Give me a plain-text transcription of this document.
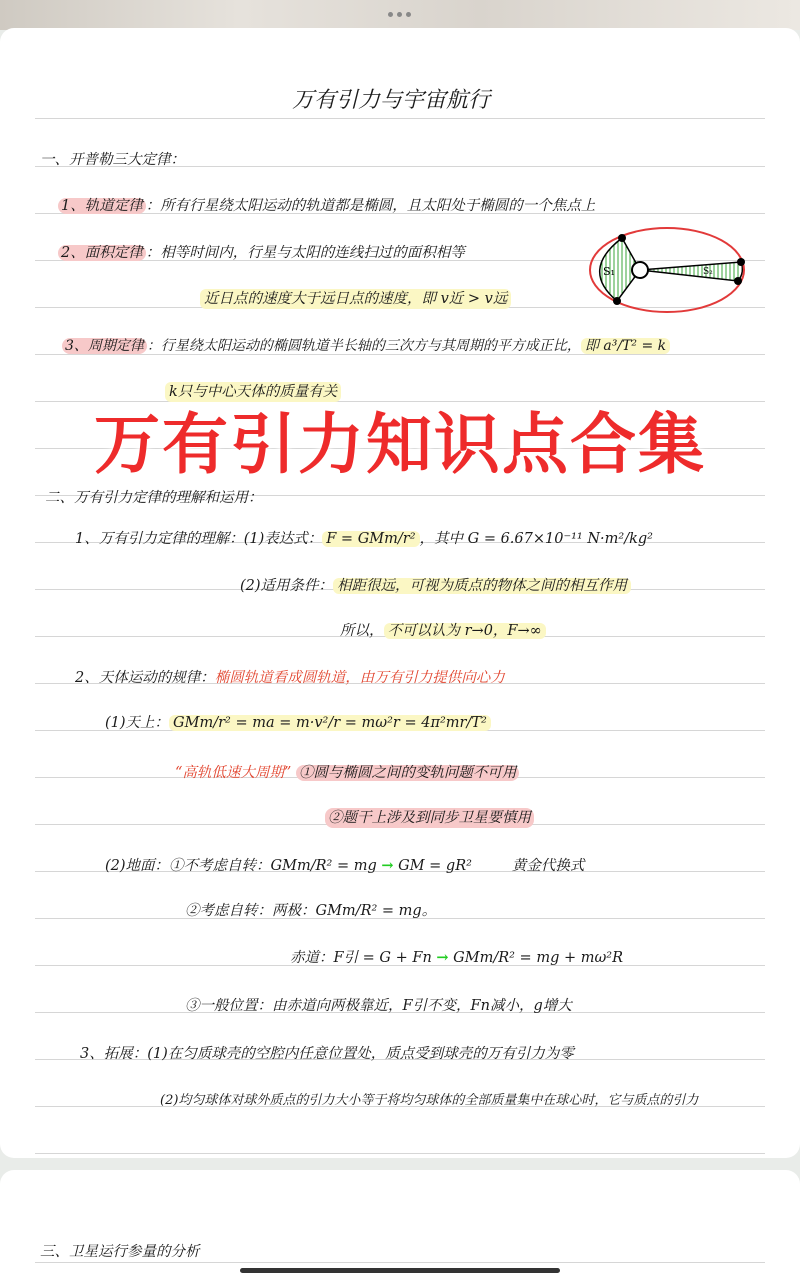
万有引力与宇宙航行
一、开普勒三大定律：
1、轨道定律 ：所有行星绕太阳运动的轨道都是椭圆，且太阳处于椭圆的一个焦点上
2、面积定律 ：相等时间内，行星与太阳的连线扫过的面积相等
近日点的速度大于远日点的速度，即 v近 > v远
3、周期定律 ：行星绕太阳运动的椭圆轨道半长轴的三次方与其周期的平方成正比， 即 a³/T² = k
k只与中心天体的质量有关
S₁	S₂
万有引力知识点合集
二、万有引力定律的理解和运用：
1、万有引力定律的理解：(1)表达式： F = GMm/r² ，其中 G = 6.67×10⁻¹¹ N·m²/kg²
(2)适用条件： 相距很远，可视为质点的物体之间的相互作用
所以， 不可以认为 r→0，F→∞
2、天体运动的规律：椭圆轨道看成圆轨道，由万有引力提供向心力
(1)天上： GMm/r² = ma = m·v²/r = mω²r = 4π²mr/T²
“高轨低速大周期” ①圆与椭圆之间的变轨问题不可用
②题干上涉及到同步卫星要慎用
(2)地面：①不考虑自转：GMm/R² = mg → GM = gR²	黄金代换式
②考虑自转：两极：GMm/R² = mg。
赤道：F引 = G + Fn → GMm/R² = mg + mω²R
③一般位置：由赤道向两极靠近，F引不变，Fn减小，g增大
3、拓展：(1)在匀质球壳的空腔内任意位置处，质点受到球壳的万有引力为零
(2)均匀球体对球外质点的引力大小等于将均匀球体的全部质量集中在球心时，它与质点的引力
三、卫星运行参量的分析
